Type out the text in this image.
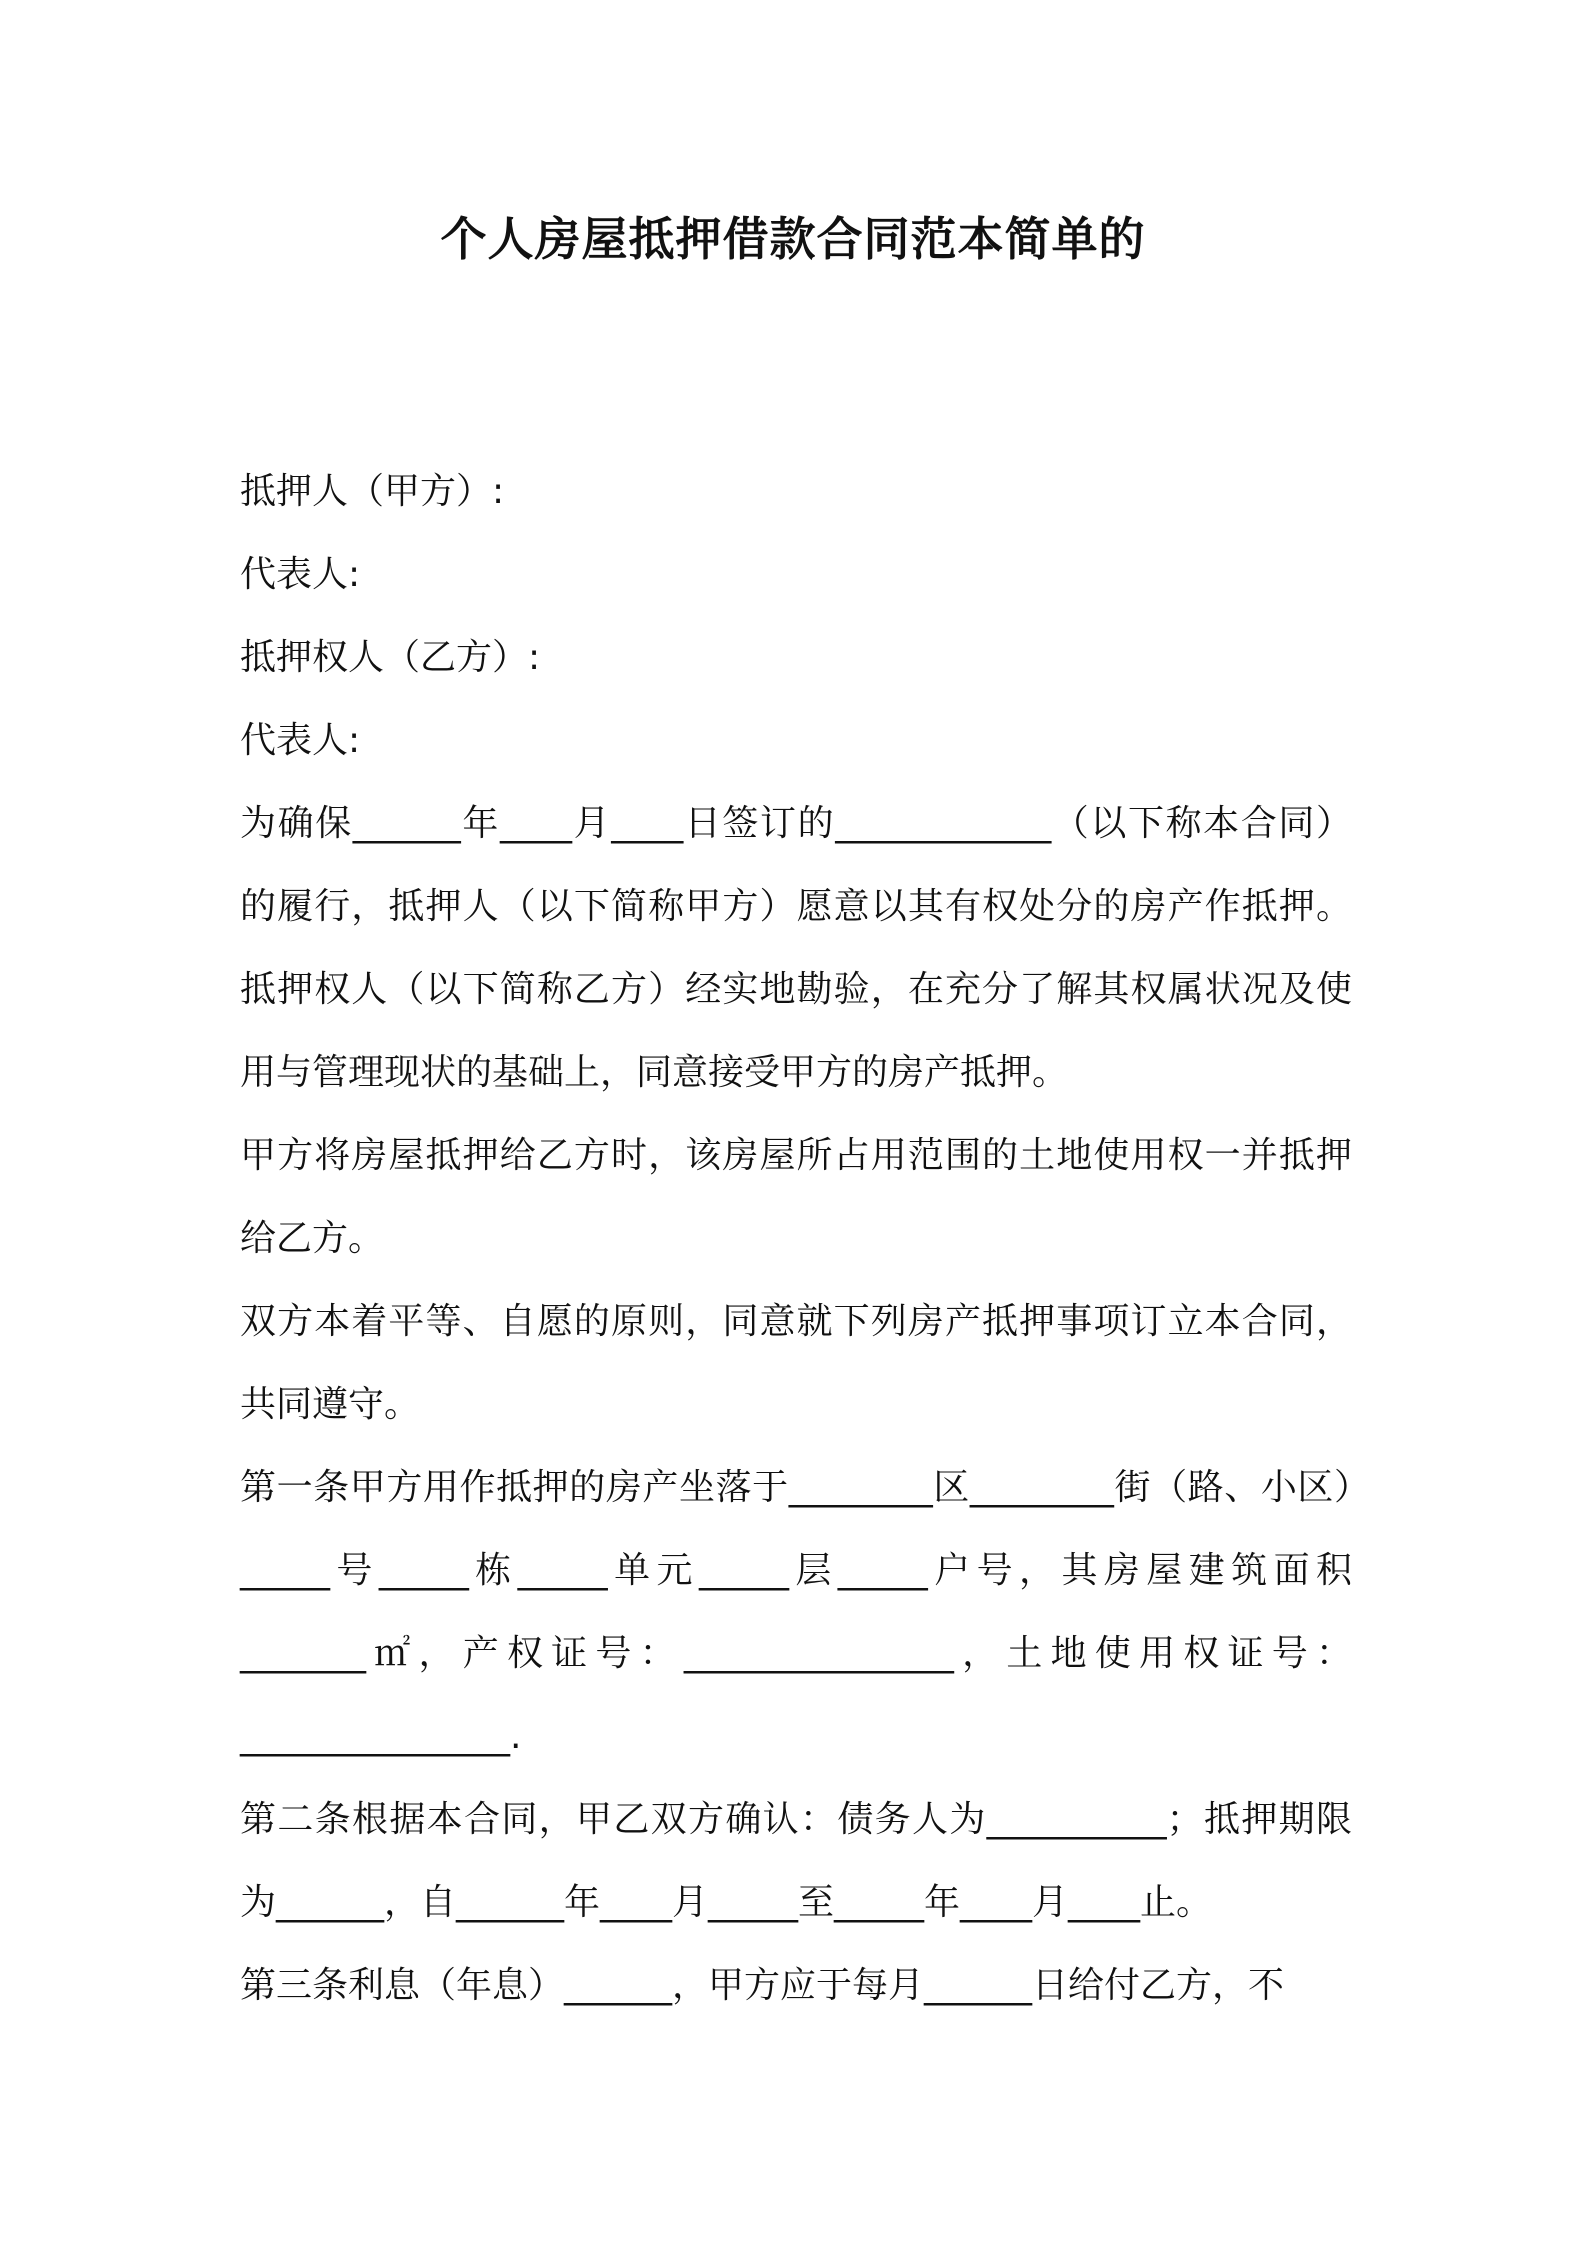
个人房屋抵押借款合同范本简单的

抵押人（甲方）:

代表人:

抵押权人（乙方）:

代表人:

为确保______年____月____日签订的____________（以下称本合同）的履行，抵押人（以下简称甲方）愿意以其有权处分的房产作抵押。抵押权人（以下简称乙方）经实地勘验，在充分了解其权属状况及使用与管理现状的基础上，同意接受甲方的房产抵押。

甲方将房屋抵押给乙方时，该房屋所占用范围的土地使用权一并抵押给乙方。

双方本着平等、自愿的原则，同意就下列房产抵押事项订立本合同，共同遵守。

第一条甲方用作抵押的房产坐落于________区________街（路、小区）_____号_____栋_____单元_____层_____户号，其房屋建筑面积_______㎡，产权证号：_______________，土地使用权证号：_______________.

第二条根据本合同，甲乙双方确认：债务人为__________；抵押期限为______，自______年____月_____至_____年____月____止。

第三条利息（年息）______，甲方应于每月______日给付乙方，不
